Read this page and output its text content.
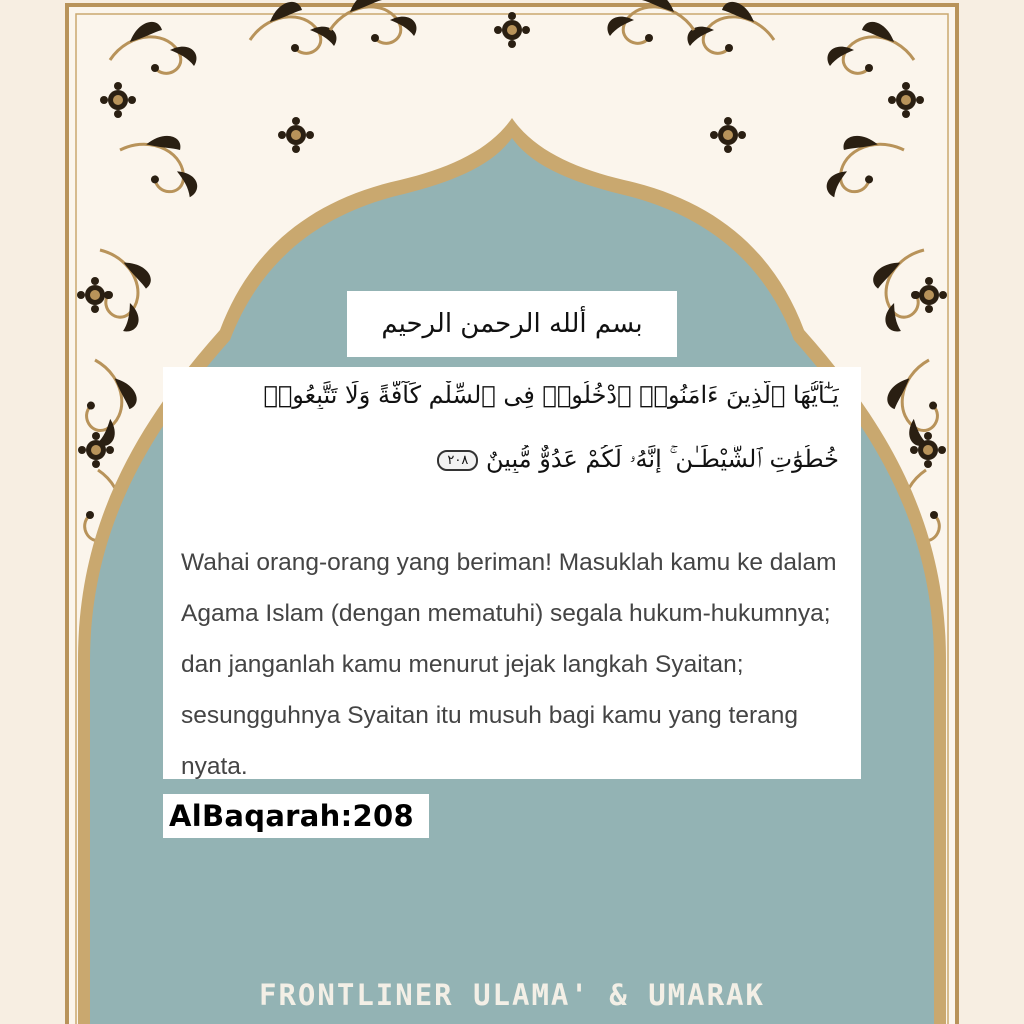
بسم ألله الرحمن الرحيم
يَـٰٓأَيُّهَا ٱلَّذِينَ ءَامَنُوا۟ ٱدْخُلُوا۟ فِى ٱلسِّلْمِ كَآفَّةً وَلَا تَتَّبِعُوا۟
خُطُوَٰتِ ٱلشَّيْطَـٰنِ ۚ إِنَّهُۥ لَكُمْ عَدُوٌّ مُّبِينٌ ٢٠٨
Wahai orang-orang yang beriman! Masuklah kamu ke dalam Agama Islam (dengan mematuhi) segala hukum-hukumnya; dan janganlah kamu menurut jejak langkah Syaitan; sesungguhnya Syaitan itu musuh bagi kamu yang terang nyata.
AlBaqarah:208
FRONTLINER ULAMA' & UMARAK
